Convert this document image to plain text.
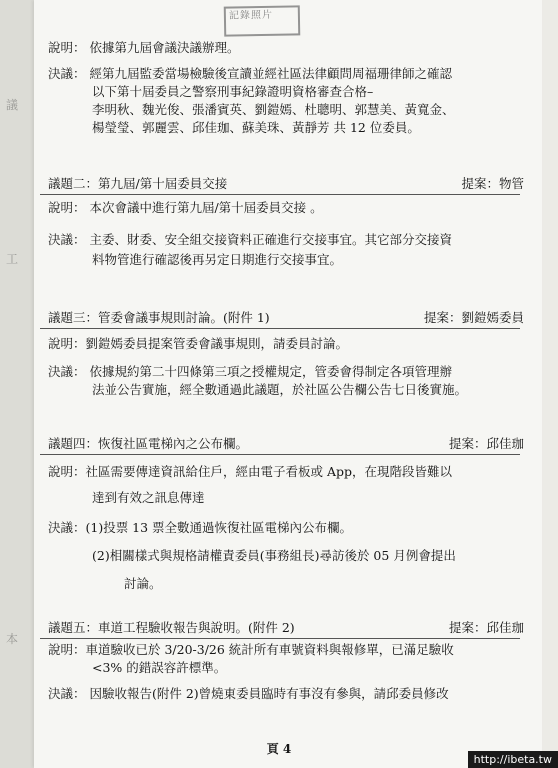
議
工
本
記錄照片
說明： 依據第九屆會議決議辦理。
決議： 經第九屆監委當場檢驗後宣讀並經社區法律顧問周福珊律師之確認
以下第十屆委員之警察刑事紀錄證明資格審查合格–
李明秋、魏光俊、張潘賓英、劉鎧嫣、杜聰明、郭慧美、黃寬金、
楊瑩瑩、郭麗雲、邱佳珈、蘇美珠、黃靜芳 共 12 位委員。
議題二：第九屆/第十屆委員交接	提案：物管
說明： 本次會議中進行第九屆/第十屆委員交接 。
決議： 主委、財委、安全組交接資料正確進行交接事宜。其它部分交接資
料物管進行確認後再另定日期進行交接事宜。
議題三：管委會議事規則討論。(附件 1)	提案：劉鎧嫣委員
說明：劉鎧嫣委員提案管委會議事規則，請委員討論。
決議： 依據規約第二十四條第三項之授權規定，管委會得制定各項管理辦
法並公告實施，經全數通過此議題，於社區公告欄公告七日後實施。
議題四：恢復社區電梯內之公布欄。	提案：邱佳珈
說明：社區需要傳達資訊給住戶，經由電子看板或 App，在現階段皆難以
達到有效之訊息傳達
決議：(1)投票 13 票全數通過恢復社區電梯內公布欄。
(2)相關樣式與規格請權責委員(事務組長)尋訪後於 05 月例會提出
討論。
議題五：車道工程驗收報告與說明。(附件 2)	提案：邱佳珈
說明：車道驗收已於 3/20-3/26 統計所有車號資料與報修單，已滿足驗收
<3% 的錯誤容許標準。
決議： 因驗收報告(附件 2)曾燒東委員臨時有事沒有參與，請邱委員修改
頁 4
http://ibeta.tw
